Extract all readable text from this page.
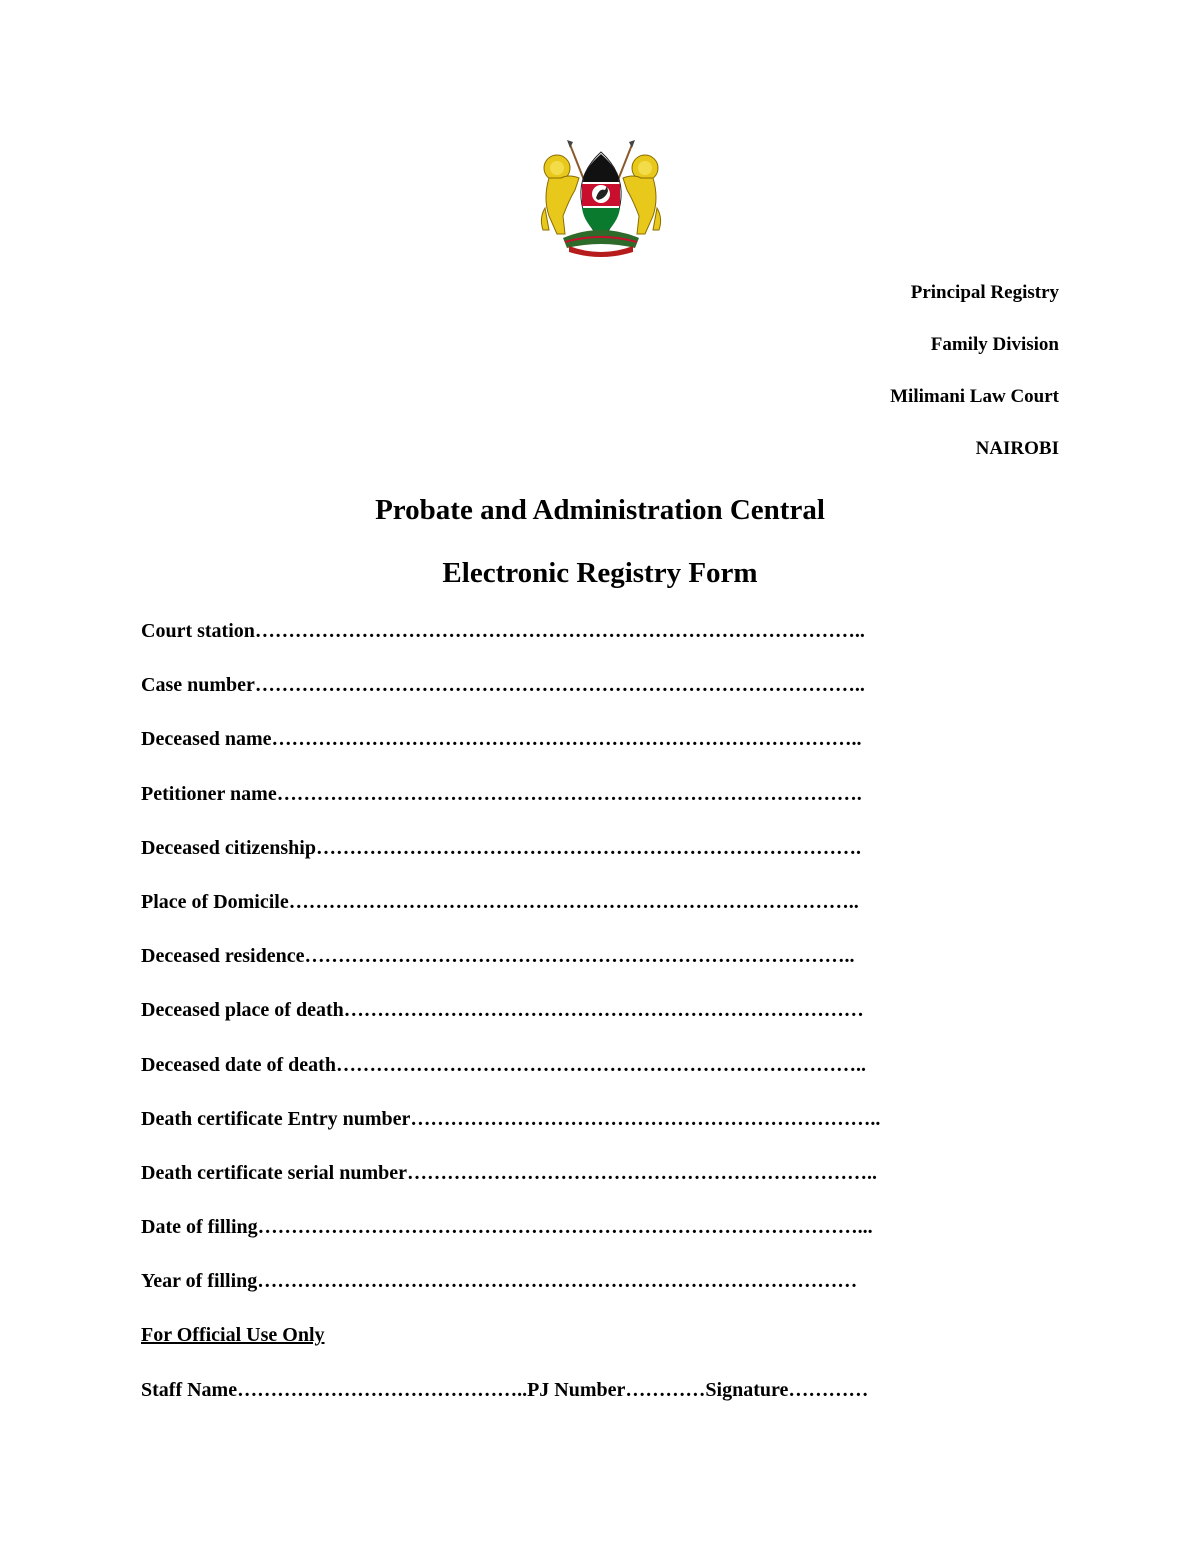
Principal Registry
Family Division
Milimani Law Court
NAIROBI
Probate and Administration Central
Electronic Registry Form
Court station………………………………………………………………………………..
Case number………………………………………………………………………………..
Deceased name……………………………………………………………………………..
Petitioner name…………………………………………………………………………….
Deceased citizenship……………………………………………………………………….
Place of Domicile…………………………………………………………………………..
Deceased residence………………………………………………………………………..
Deceased place of death……………………………………………………………………
Deceased date of death……………………………………………………………………..
Death certificate Entry number……………………………………………………………..
Death certificate serial number……………………………………………………………..
Date of filling………………………………………………………………………………...
Year of filling………………………………………………………………………………
For Official Use Only
Staff Name……………………………………..PJ Number…………Signature…………
